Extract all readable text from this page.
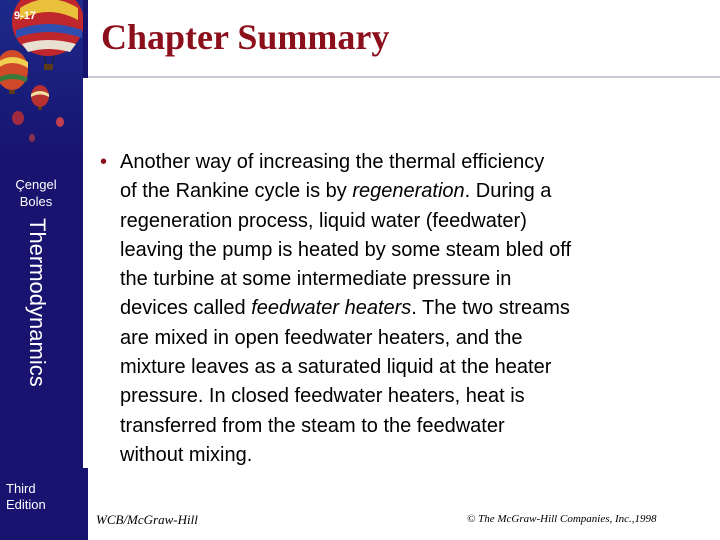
9-17
Çengel
Boles
Thermodynamics
Third
Edition
Chapter Summary
• Another way of increasing the thermal efficiency
of the Rankine cycle is by regeneration. During a
regeneration process, liquid water (feedwater)
leaving the pump is heated by some steam bled off
the turbine at some intermediate pressure in
devices called feedwater heaters. The two streams
are mixed in open feedwater heaters, and the
mixture leaves as a saturated liquid at the heater
pressure. In closed feedwater heaters, heat is
transferred from the steam to the feedwater
without mixing.
WCB/McGraw-Hill	© The McGraw-Hill Companies, Inc.,1998
